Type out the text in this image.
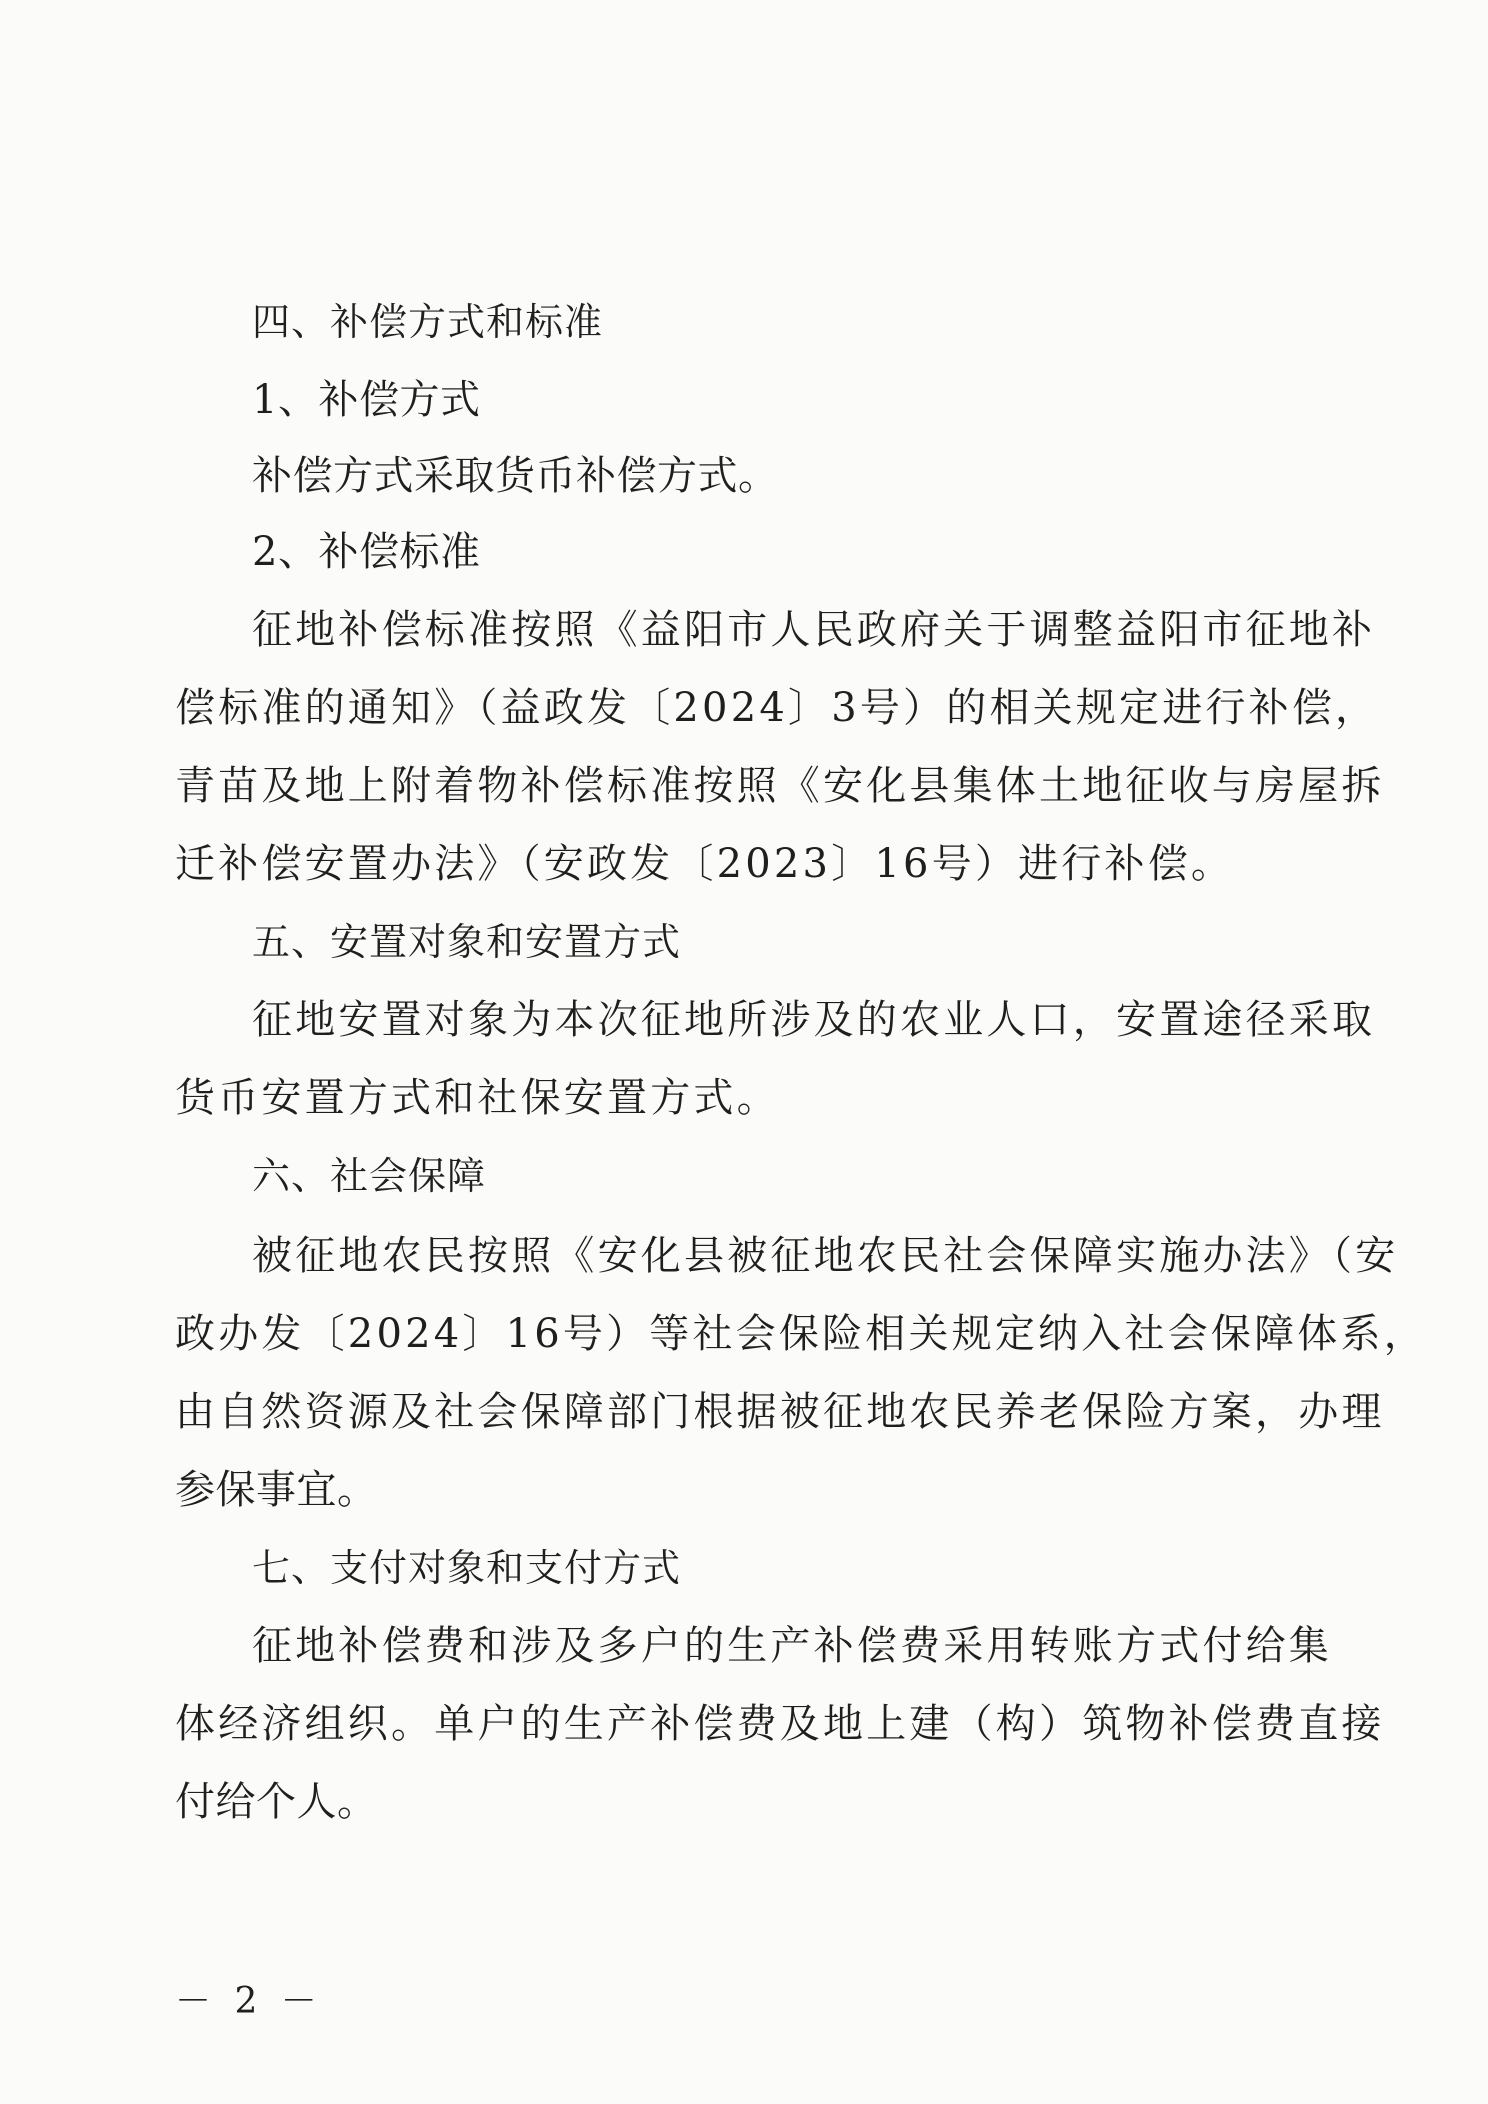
四、补偿方式和标准
1、补偿方式
补偿方式采取货币补偿方式。
2、补偿标准
征地补偿标准按照《益阳市人民政府关于调整益阳市征地补
偿标准的通知》（益政发〔2024〕3号）的相关规定进行补偿，
青苗及地上附着物补偿标准按照《安化县集体土地征收与房屋拆
迁补偿安置办法》（安政发〔2023〕16号）进行补偿。
五、安置对象和安置方式
征地安置对象为本次征地所涉及的农业人口，安置途径采取
货币安置方式和社保安置方式。
六、社会保障
被征地农民按照《安化县被征地农民社会保障实施办法》（安
政办发〔2024〕16号）等社会保险相关规定纳入社会保障体系，
由自然资源及社会保障部门根据被征地农民养老保险方案，办理
参保事宜。
七、支付对象和支付方式
征地补偿费和涉及多户的生产补偿费采用转账方式付给集
体经济组织。单户的生产补偿费及地上建（构）筑物补偿费直接
付给个人。
－ 2 －
